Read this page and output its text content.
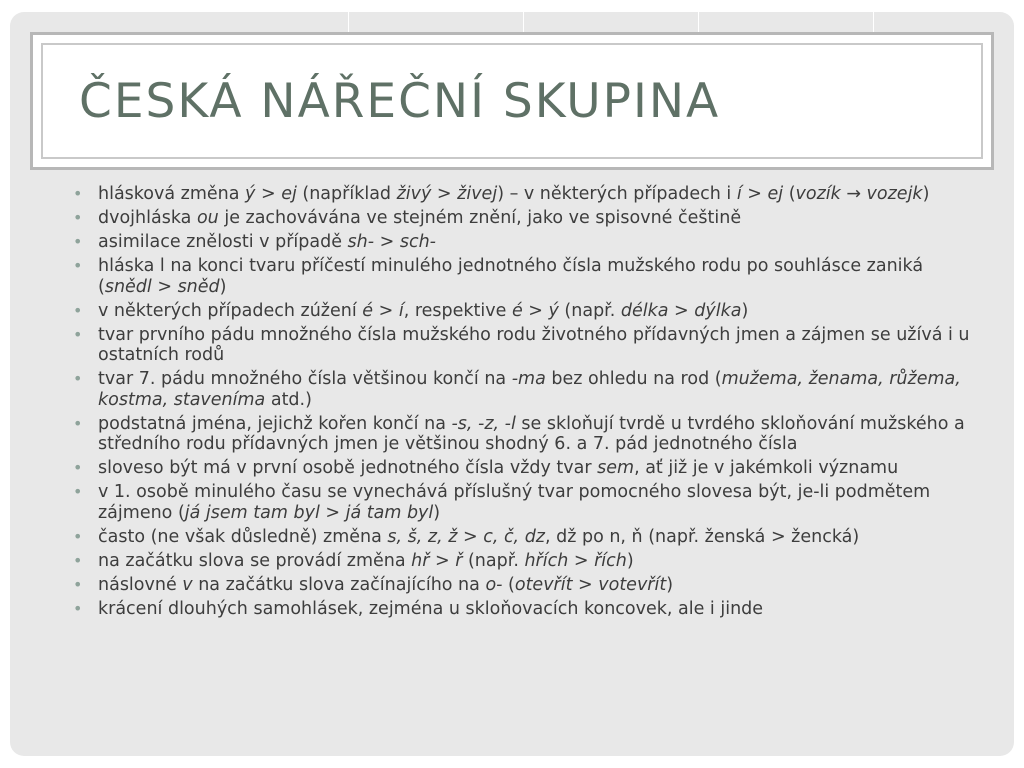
ČESKÁ NÁŘEČNÍ SKUPINA
• hlásková změna ý > ej (například živý > živej) – v některých případech i í > ej (vozík → vozejk)
• dvojhláska ou je zachovávána ve stejném znění, jako ve spisovné češtině
• asimilace znělosti v případě sh- > sch-
• hláska l na konci tvaru příčestí minulého jednotného čísla mužského rodu po souhlásce zaniká (snědl > sněd)
• v některých případech zúžení é > í, respektive é > ý (např. délka > dýlka)
• tvar prvního pádu množného čísla mužského rodu životného přídavných jmen a zájmen se užívá i u ostatních rodů
• tvar 7. pádu množného čísla většinou končí na -ma bez ohledu na rod (mužema, ženama, růžema, kostma, staveníma atd.)
• podstatná jména, jejichž kořen končí na -s, -z, -l se skloňují tvrdě u tvrdého skloňování mužského a středního rodu přídavných jmen je většinou shodný 6. a 7. pád jednotného čísla
• sloveso být má v první osobě jednotného čísla vždy tvar sem, ať již je v jakémkoli významu
• v 1. osobě minulého času se vynechává příslušný tvar pomocného slovesa být, je-li podmětem zájmeno (já jsem tam byl > já tam byl)
• často (ne však důsledně) změna s, š, z, ž > c, č, dz, dž po n, ň (např. ženská > žencká)
• na začátku slova se provádí změna hř > ř (např. hřích > řích)
• náslovné v na začátku slova začínajícího na o- (otevřít > votevřít)
• krácení dlouhých samohlásek, zejména u skloňovacích koncovek, ale i jinde
